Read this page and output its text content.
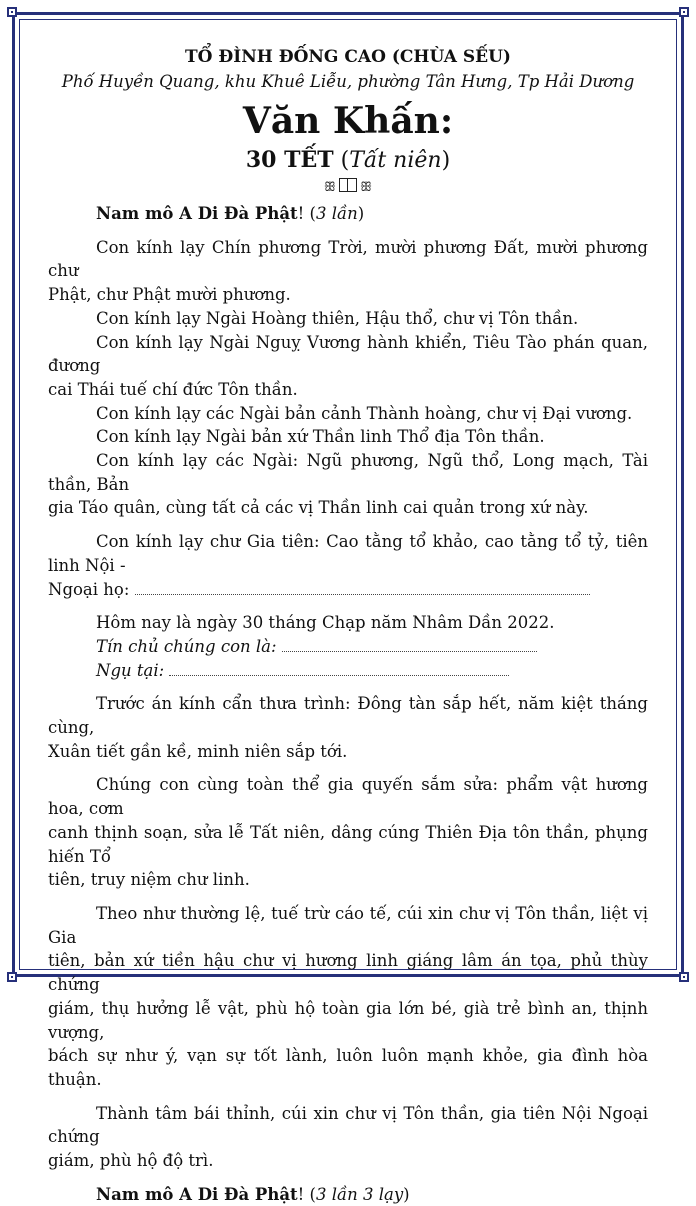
TỔ ĐÌNH ĐỐNG CAO (CHÙA SẾU)
Phố Huyền Quang, khu Khuê Liễu, phường Tân Hưng, Tp Hải Dương
Văn Khấn:
30 TẾT (Tất niên)
ꕥ ꕥ

Nam mô A Di Đà Phật! (3 lần)

Con kính lạy Chín phương Trời, mười phương Đất, mười phương chư

Phật, chư Phật mười phương.

Con kính lạy Ngài Hoàng thiên, Hậu thổ, chư vị Tôn thần.

Con kính lạy Ngài Nguỵ Vương hành khiển, Tiêu Tào phán quan, đương

cai Thái tuế chí đức Tôn thần.

Con kính lạy các Ngài bản cảnh Thành hoàng, chư vị Đại vương.

Con kính lạy Ngài bản xứ Thần linh Thổ địa Tôn thần.

Con kính lạy các Ngài: Ngũ phương, Ngũ thổ, Long mạch, Tài thần, Bản

gia Táo quân, cùng tất cả các vị Thần linh cai quản trong xứ này.

Con kính lạy chư Gia tiên: Cao tằng tổ khảo, cao tằng tổ tỷ, tiên linh Nội -

Ngoại họ:

Hôm nay là ngày 30 tháng Chạp năm Nhâm Dần 2022.

Tín chủ chúng con là:

Ngụ tại:

Trước án kính cẩn thưa trình: Đông tàn sắp hết, năm kiệt tháng cùng,

Xuân tiết gần kề, minh niên sắp tới.

Chúng con cùng toàn thể gia quyến sắm sửa: phẩm vật hương hoa, cơm

canh thịnh soạn, sửa lễ Tất niên, dâng cúng Thiên Địa tôn thần, phụng hiến Tổ

tiên, truy niệm chư linh.

Theo như thường lệ, tuế trừ cáo tế, cúi xin chư vị Tôn thần, liệt vị Gia

tiên, bản xứ tiền hậu chư vị hương linh giáng lâm án tọa, phủ thùy chứng

giám, thụ hưởng lễ vật, phù hộ toàn gia lớn bé, già trẻ bình an, thịnh vượng,

bách sự như ý, vạn sự tốt lành, luôn luôn mạnh khỏe, gia đình hòa thuận.

Thành tâm bái thỉnh, cúi xin chư vị Tôn thần, gia tiên Nội Ngoại chứng

giám, phù hộ độ trì.

Nam mô A Di Đà Phật! (3 lần 3 lạy)
